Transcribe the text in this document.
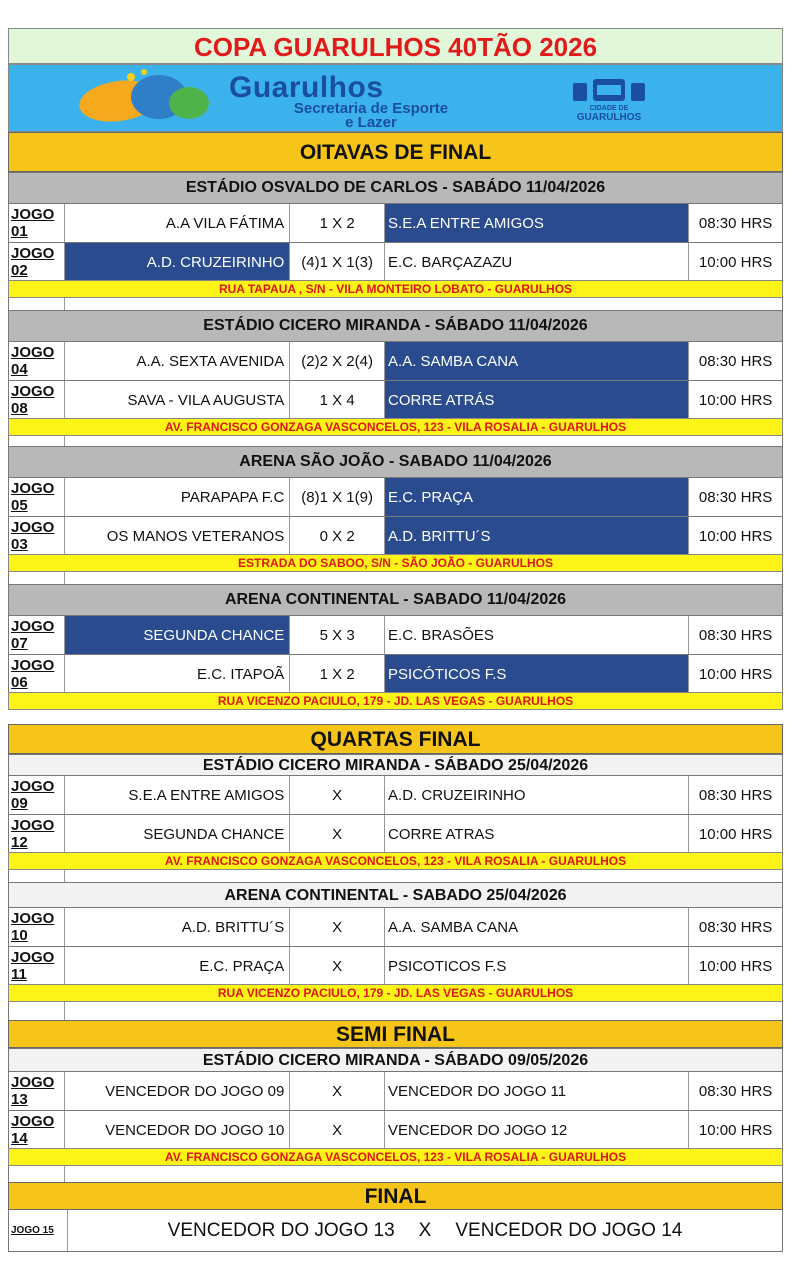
COPA GUARULHOS 40TÃO 2026
Guarulhos
Secretaria de Esporte
e Lazer
CIDADE DE
GUARULHOS
OITAVAS DE FINAL
ESTÁDIO OSVALDO DE CARLOS - SABÁDO 11/04/2026
JOGO 01	A.A VILA FÁTIMA	1 X 2	S.E.A ENTRE AMIGOS	08:30 HRS
JOGO 02	A.D. CRUZEIRINHO	(4)1 X 1(3)	E.C. BARÇAZAZU	10:00 HRS
RUA TAPAUA , S/N - VILA MONTEIRO LOBATO - GUARULHOS
ESTÁDIO CICERO MIRANDA - SÁBADO 11/04/2026
JOGO 04	A.A. SEXTA AVENIDA	(2)2 X 2(4)	A.A. SAMBA CANA	08:30 HRS
JOGO 08	SAVA - VILA AUGUSTA	1 X 4	CORRE ATRÁS	10:00 HRS
AV. FRANCISCO GONZAGA VASCONCELOS, 123 - VILA ROSALIA - GUARULHOS
ARENA SÃO JOÃO - SABADO 11/04/2026
JOGO 05	PARAPAPA F.C	(8)1 X 1(9)	E.C. PRAÇA	08:30 HRS
JOGO 03	OS MANOS VETERANOS	0 X 2	A.D. BRITTU´S	10:00 HRS
ESTRADA DO SABOO, S/N - SÃO JOÃO - GUARULHOS
ARENA CONTINENTAL - SABADO 11/04/2026
JOGO 07	SEGUNDA CHANCE	5 X 3	E.C. BRASÕES	08:30 HRS
JOGO 06	E.C. ITAPOÃ	1 X 2	PSICÓTICOS F.S	10:00 HRS
RUA VICENZO PACIULO, 179 - JD. LAS VEGAS - GUARULHOS
QUARTAS FINAL
ESTÁDIO CICERO MIRANDA - SÁBADO 25/04/2026
JOGO 09	S.E.A ENTRE AMIGOS	X	A.D. CRUZEIRINHO	08:30 HRS
JOGO 12	SEGUNDA CHANCE	X	CORRE ATRAS	10:00 HRS
AV. FRANCISCO GONZAGA VASCONCELOS, 123 - VILA ROSALIA - GUARULHOS
ARENA CONTINENTAL - SABADO 25/04/2026
JOGO 10	A.D. BRITTU´S	X	A.A. SAMBA CANA	08:30 HRS
JOGO 11	E.C. PRAÇA	X	PSICOTICOS F.S	10:00 HRS
RUA VICENZO PACIULO, 179 - JD. LAS VEGAS - GUARULHOS
SEMI FINAL
ESTÁDIO CICERO MIRANDA - SÁBADO 09/05/2026
JOGO 13	VENCEDOR DO JOGO 09	X	VENCEDOR DO JOGO 11	08:30 HRS
JOGO 14	VENCEDOR DO JOGO 10	X	VENCEDOR DO JOGO 12	10:00 HRS
AV. FRANCISCO GONZAGA VASCONCELOS, 123 - VILA ROSALIA - GUARULHOS
FINAL
JOGO 15	VENCEDOR DO JOGO 13 X VENCEDOR DO JOGO 14
